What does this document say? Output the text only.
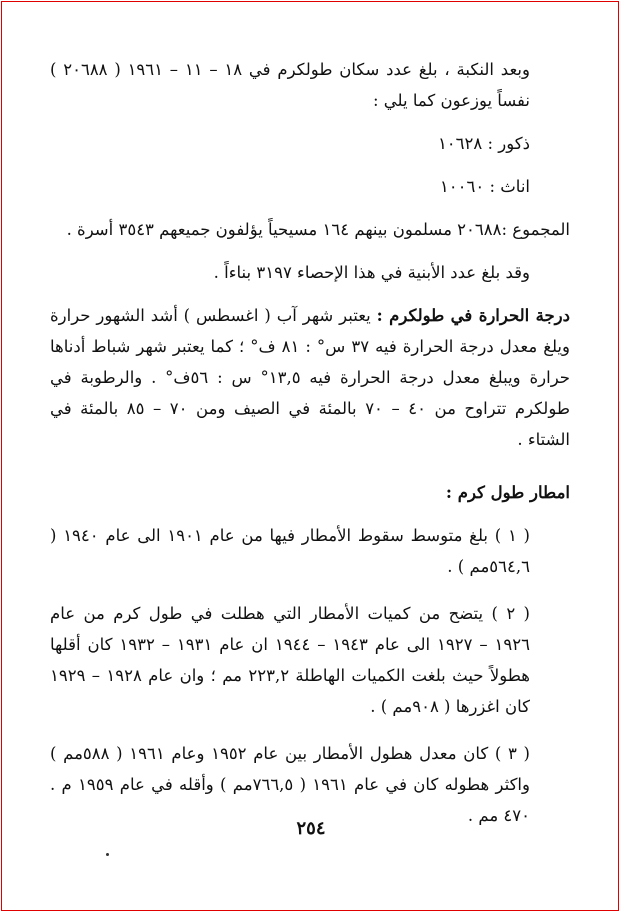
وبعد النكبة ، بلغ عدد سكان طولكرم في ١٨ – ١١ – ١٩٦١ ( ٢٠٦٨٨ ) نفساً يوزعون كما يلي :

ذكور : ١٠٦٢٨

اناث : ١٠٠٦٠

المجموع :٢٠٦٨٨ مسلمون بينهم ١٦٤ مسيحياً يؤلفون جميعهم ٣٥٤٣ أسرة .

وقد بلغ عدد الأبنية في هذا الإحصاء ٣١٩٧ بناءاً .

درجة الحرارة في طولكرم : يعتبر شهر آب ( اغسطس ) أشد الشهور حرارة ويلغ معدل درجة الحرارة فيه ٣٧ س° : ٨١ ف° ؛ كما يعتبر شهر شباط أدناها حرارة ويبلغ معدل درجة الحرارة فيه ١٣,٥° س : ٥٦ف° . والرطوبة في طولكرم تتراوح من ٤٠ – ٧٠ بالمئة في الصيف ومن ٧٠ – ٨٥ بالمئة في الشتاء .

امطار طول كرم :

( ١ ) بلغ متوسط سقوط الأمطار فيها من عام ١٩٠١ الى عام ١٩٤٠ ( ٥٦٤,٦مم ) .

( ٢ ) يتضح من كميات الأمطار التي هطلت في طول كرم من عام ١٩٢٦ – ١٩٢٧ الى عام ١٩٤٣ – ١٩٤٤ ان عام ١٩٣١ – ١٩٣٢ كان أقلها هطولاً حيث بلغت الكميات الهاطلة ٢٢٣,٢ مم ؛ وان عام ١٩٢٨ – ١٩٢٩ كان اغزرها ( ٩٠٨مم ) .

( ٣ ) كان معدل هطول الأمطار بين عام ١٩٥٢ وعام ١٩٦١ ( ٥٨٨مم ) واكثر هطوله كان في عام ١٩٦١ ( ٧٦٦,٥مم ) وأقله في عام ١٩٥٩ م . ٤٧٠ مم .

٢٥٤
